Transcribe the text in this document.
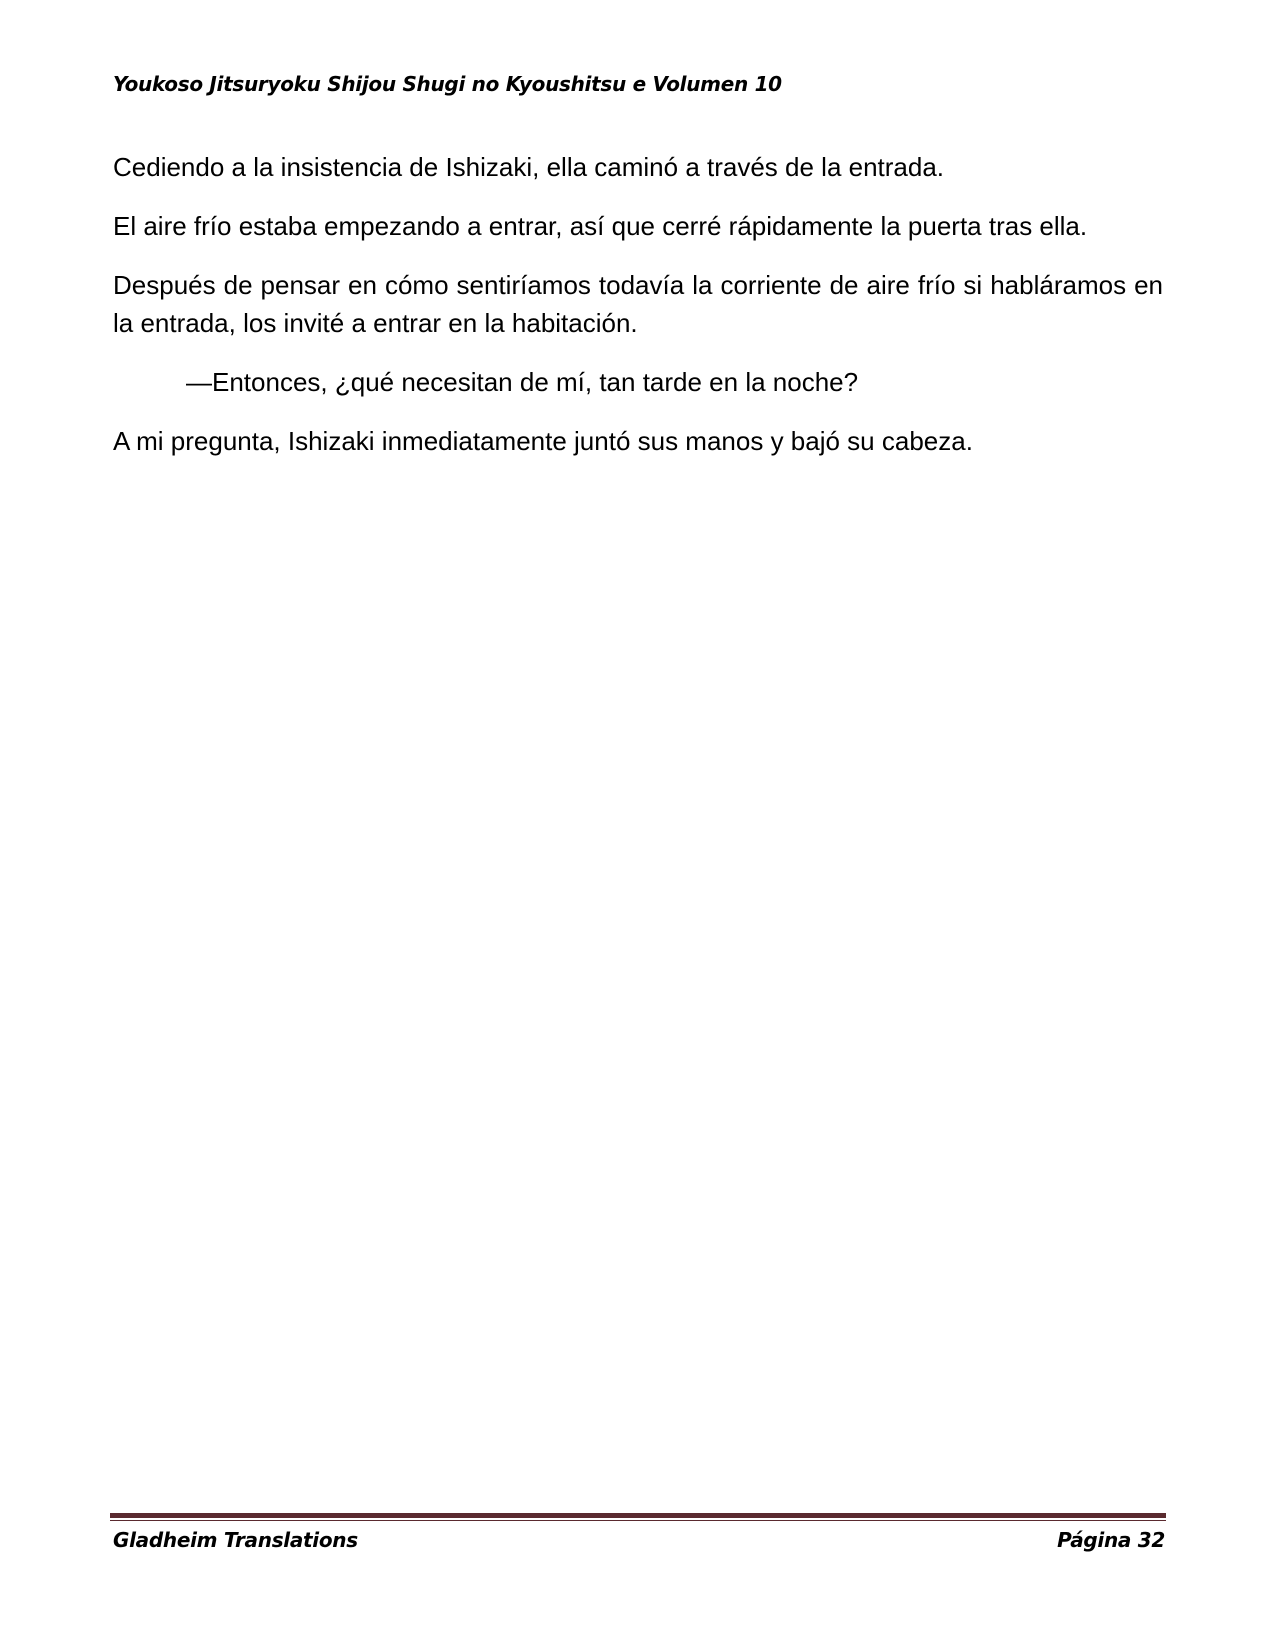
Youkoso Jitsuryoku Shijou Shugi no Kyoushitsu e Volumen 10

Cediendo a la insistencia de Ishizaki, ella caminó a través de la entrada.

El aire frío estaba empezando a entrar, así que cerré rápidamente la puerta tras ella.

Después de pensar en cómo sentiríamos todavía la corriente de aire frío si habláramos en la entrada, los invité a entrar en la habitación.

—Entonces, ¿qué necesitan de mí, tan tarde en la noche?

A mi pregunta, Ishizaki inmediatamente juntó sus manos y bajó su cabeza.

Gladheim Translations	Página 32
